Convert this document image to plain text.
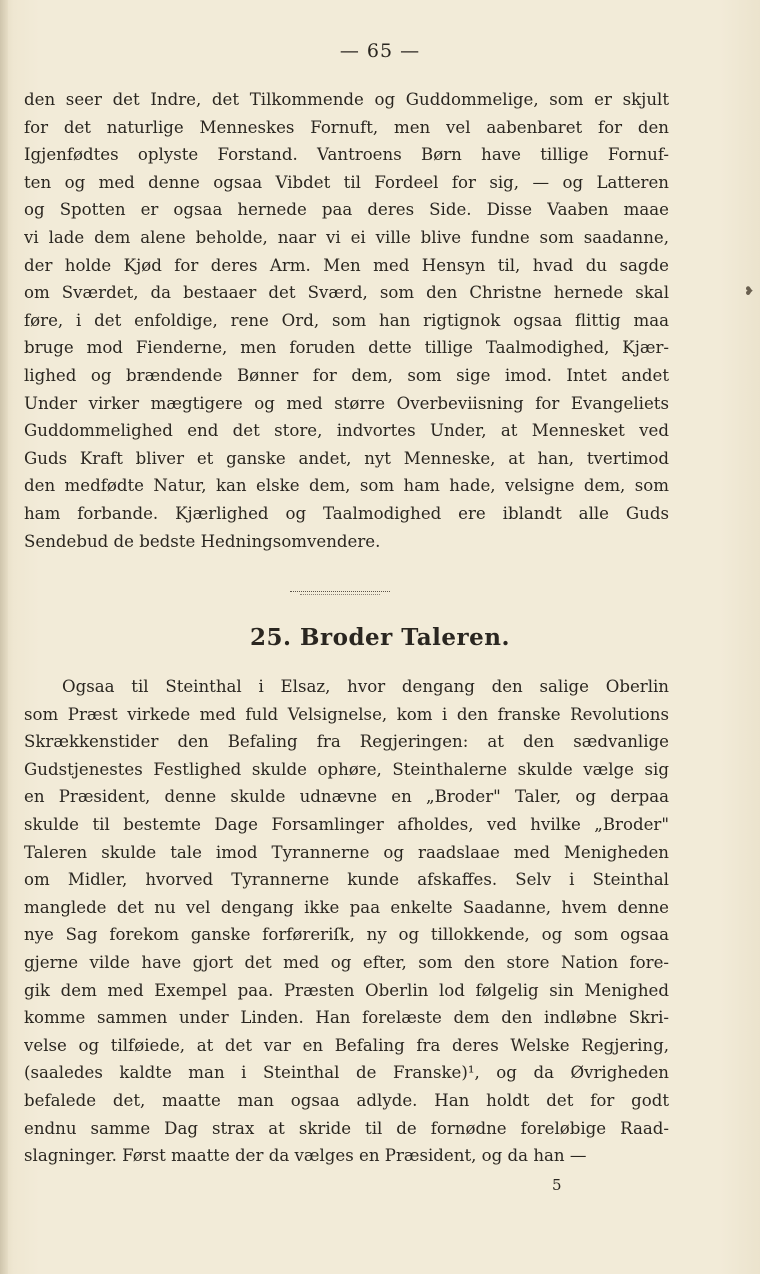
— 65 —
❥
den seer det Indre, det Tilkommende og Guddommelige, som er skjult
for det naturlige Menneskes Fornuft, men vel aabenbaret for den
Igjenfødtes oplyste Forstand. Vantroens Børn have tillige Fornuf-
ten og med denne ogsaa Vibdet til Fordeel for sig, — og Latteren
og Spotten er ogsaa hernede paa deres Side. Disse Vaaben maae
vi lade dem alene beholde, naar vi ei ville blive fundne som saadanne,
der holde Kjød for deres Arm. Men med Hensyn til, hvad du sagde
om Sværdet, da bestaaer det Sværd, som den Christne hernede skal
føre, i det enfoldige, rene Ord, som han rigtignok ogsaa flittig maa
bruge mod Fienderne, men foruden dette tillige Taalmodighed, Kjær-
lighed og brændende Bønner for dem, som sige imod. Intet andet
Under virker mægtigere og med større Overbeviisning for Evangeliets
Guddommelighed end det store, indvortes Under, at Mennesket ved
Guds Kraft bliver et ganske andet, nyt Menneske, at han, tvertimod
den medfødte Natur, kan elske dem, som ham hade, velsigne dem, som
ham forbande. Kjærlighed og Taalmodighed ere iblandt alle Guds
Sendebud de bedste Hedningsomvendere.
25. Broder Taleren.
Ogsaa til Steinthal i Elsaz, hvor dengang den salige Oberlin
som Præst virkede med fuld Velsignelse, kom i den franske Revolutions
Skrækkenstider den Befaling fra Regjeringen: at den sædvanlige
Gudstjenestes Festlighed skulde ophøre, Steinthalerne skulde vælge sig
en Præsident, denne skulde udnævne en „Broder" Taler, og derpaa
skulde til bestemte Dage Forsamlinger afholdes, ved hvilke „Broder"
Taleren skulde tale imod Tyrannerne og raadslaae med Menigheden
om Midler, hvorved Tyrannerne kunde afskaffes. Selv i Steinthal
manglede det nu vel dengang ikke paa enkelte Saadanne, hvem denne
nye Sag forekom ganske forføreriſk, ny og tillokkende, og som ogsaa
gjerne vilde have gjort det med og efter, som den store Nation fore-
gik dem med Exempel paa. Præsten Oberlin lod følgelig sin Menighed
komme sammen under Linden. Han forelæste dem den indløbne Skri-
velse og tilføiede, at det var en Befaling fra deres Welske Regjering,
(saaledes kaldte man i Steinthal de Franske)¹, og da Øvrigheden
befalede det, maatte man ogsaa adlyde. Han holdt det for godt
endnu samme Dag strax at skride til de fornødne foreløbige Raad-
slagninger. Først maatte der da vælges en Præsident, og da han —
5
